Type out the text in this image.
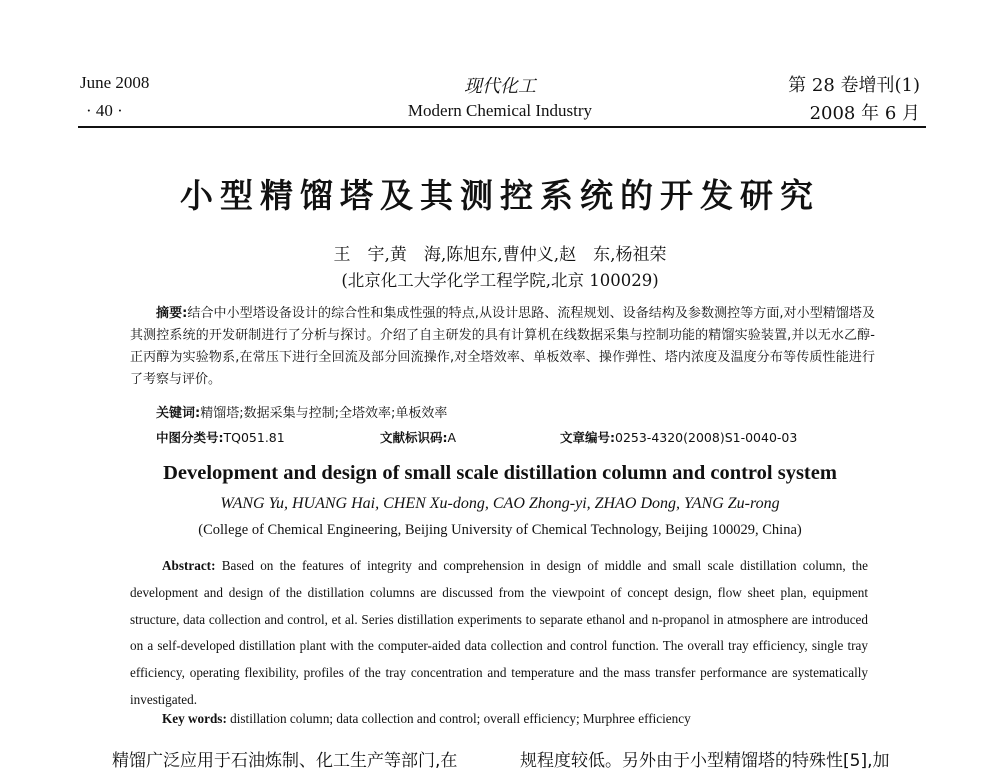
June 2008
· 40 ·
现代化工
Modern Chemical Industry
第 28 卷增刊(1)
2008 年 6 月
小型精馏塔及其测控系统的开发研究
王　宇,黄　海,陈旭东,曹仲义,赵　东,杨祖荣
(北京化工大学化学工程学院,北京 100029)
摘要:结合中小型塔设备设计的综合性和集成性强的特点,从设计思路、流程规划、设备结构及参数测控等方面,对小型精馏塔及其测控系统的开发研制进行了分析与探讨。介绍了自主研发的具有计算机在线数据采集与控制功能的精馏实验装置,并以无水乙醇-正丙醇为实验物系,在常压下进行全回流及部分回流操作,对全塔效率、单板效率、操作弹性、塔内浓度及温度分布等传质性能进行了考察与评价。
关键词:精馏塔;数据采集与控制;全塔效率;单板效率
中图分类号:TQ051.81	文献标识码:A	文章编号:0253-4320(2008)S1-0040-03
Development and design of small scale distillation column and control system
WANG Yu, HUANG Hai, CHEN Xu-dong, CAO Zhong-yi, ZHAO Dong, YANG Zu-rong
(College of Chemical Engineering, Beijing University of Chemical Technology, Beijing 100029, China)
Abstract: Based on the features of integrity and comprehension in design of middle and small scale distillation column, the development and design of the distillation columns are discussed from the viewpoint of concept design, flow sheet plan, equipment structure, data collection and control, et al. Series distillation experiments to separate ethanol and n-propanol in atmosphere are introduced on a self-developed distillation plant with the computer-aided data collection and control function. The overall tray efficiency, single tray efficiency, operating flexibility, profiles of the tray concentration and temperature and the mass transfer performance are systematically investigated.
Key words: distillation column; data collection and control; overall efficiency; Murphree efficiency
精馏广泛应用于石油炼制、化工生产等部门,在	规程度较低。另外由于小型精馏塔的特殊性[5],加
